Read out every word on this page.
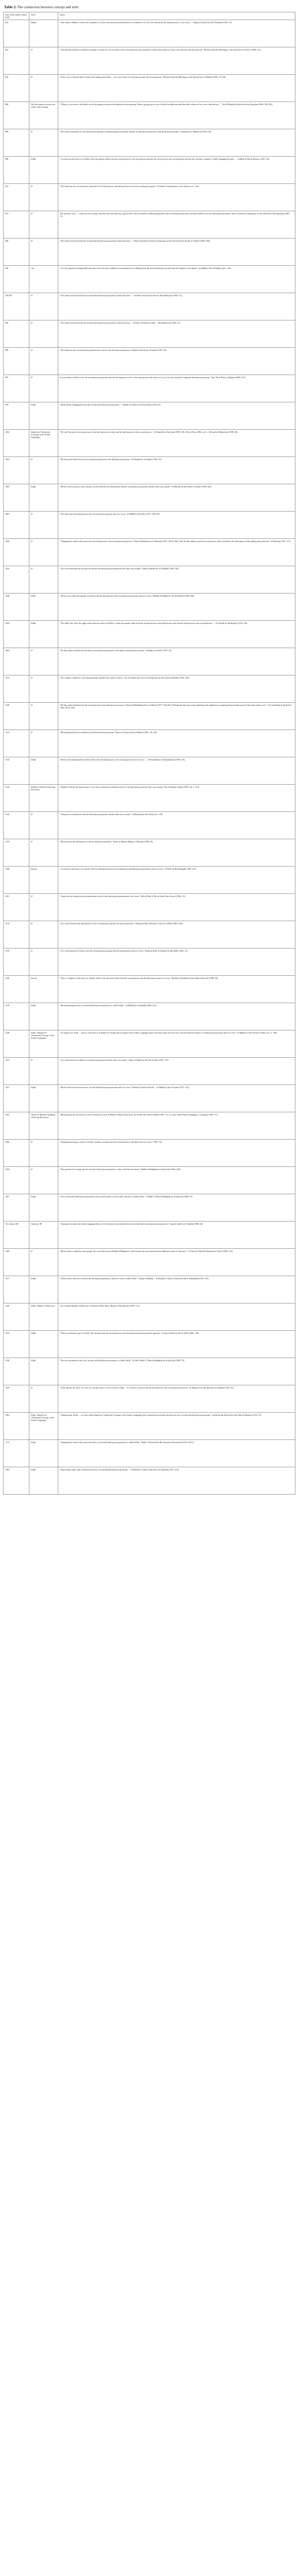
Table 2: The connection between concept and term
Year of the author's death (AD)	Term	Quote
822	Majāz	"One mean of Majāz is when one is spoken to as if he were not present [and] then he is returned to as if he were absent (in the third person), or vice versa. ..." Majāz al-Qur'ān by Abū 'Ubaydah (1954: 27).
822	Ø	"[The Qur'ān introduces] addressees people to whom it is not revealed, in the second person, and sometimes it talks about them as if they were absent in the third person." Ma'ānī al-Qur'ān (Meanings of the Qur'ān) by al-Farrā' (1980: 211).
830	Ø	"In the verse of Qur'ān talks to them after talking about them ... as if one is there for third person after the second person." Ma'ānī al-Qur'ān (Meanings of the Qur'ān) by al-'Akhfash (1990: 17-130).
889	The discrepancy between the author and meaning	"[There] is a section of the books on the discrepancy between the author/text and meaning. When a group says to refer to both the addressee and then talk to him as if he were a third person ..." Ta'wīl Mushkil al-Qur'ān by Ibn Qutaybah (1981: 290-291).
898	Ø	"The Arabs sometimes use the third-person pronoun in addressing present people and the second-person pronoun to talk about absent people." al-Kāmil by al-Mubarrad (1956: 30).
908	Iltifāt	"A section on the book is on 'Iltifāt' when the speaker shifts from the second person to the first person and then the first person to the second person and the like. Another example is 'Iltifāt' changing the topic ..." al-Badī' by Ibn al-Mu'tazz (1967: 58).
923	Ø	"The Arabs use the second person, then shift to the third person, and then go back to use the second person again." al-Ṭabarī's Commentary on the Qur'ān (n.d.: 153).
923	Ø	The Qur'ānic verse "... when you are in ships, and they sail with them by a good wind" (10:22) shifted in addressing people in the second person pronoun and then shifted to use the third person pronoun. Tafsīr al-Qur'ān (Commentary on the Qur'ān) by Ibn Qutaybah (1981: 11).
940	Ø	"The Arabs switch between the second and third person pronouns in their discourse ..." Sharḥ al-Qaṣā'id al-Sab' (Commentary on the Seven Poems) by Ibn al-'Anbārī (1969: 360).
946	'asf	"'asf, they quantize (change/shift) discourse from the direct addressee (second person) to talking about the absent (third person) and from the singular to the plural." al-Ṣaḥāḥ by Ibn al-Naḥḥās, part 1: 46).
330 AH	Ø	"The Arabs switch between the second and third-person pronouns in their discourse ..." al-I'rāb fī al-Qirā'āt al-Sab' by Ibn Khālawayh (1992: 52).
986	Ø	"The Arabs switch between the second and third person pronouns in their discourse ... al-I'rāb fī al-Ṣinā'at al-Sab' ... Ibn Khālawayh (1992: 52).
990	Ø	"The Arabs use the second person pronoun then switch to the third person pronoun." Ma'ānī al-Qur'ān by al-Azharī (1991: 96).
987	Ø	It is possible in Arabic to use the second person pronoun after the third person to refer to the same person (the same as 'to you' via 'one') instead of using the third person pronoun.' Abū 'Alī al-Fārisī, al-Ḥujjah (2000: 315).
994	Iltifāt	"Iltifāt means changing between the second and third person pronouns ..." Maṭlib al-'Ulūm by al-Khwārizmī (1976: 61).
1002	Shajā'at al-'Arabiyyah (Courage of the Arabic Language)	"We call 'Sewing' the second person for the third person in Arabic and the third person for the second person..." al-Khaṣā'iṣ by Ibn Jinnī (1999: 139, 145); al-Fasr (1984, vol. 1: 118) and al-Khāṭirīyyāt (1988: 48).
1002	Ø	"He (the poet) shifted from the second person pronoun to the third person pronoun." al-Wasāṭah by al-Jurjānī (1992: 34).
1005	Iltifāt	"Iltifāt is used in poetry, and it means a switch between the third person and the second person pronouns and the other way around." al-Muwāzī by Ibn Wakī' al-Tinnīsī (1994: 346).
1005	Ø	"The shift from the third person to the second person pronoun, and vice versa." al-Ṣāḥibī by Ibn Fāris (1977: 356-357).
1030	Ø	"Changing the mode of discourse from the third person to the second person pronoun." Sharḥ al-Ḥamāsah by al-Marzūqī (1991: 349 & 256). And "he (the author) used the second person, then switched to the third person when talking about himself." al-Marzūqī (1991: 371).
1035	Ø	"The switch between the first person and the second person pronouns and the other way around." Kashf al-Iqtibāl by al-Tha'ālibī (1983: 349).
1040	Iltifāt	"Iltifāt occurs when the speaker switches from the third person to the second person pronoun and vice versa." Manhāj al-Balāgh by 'Alī ibn Khalaf (1968: 299).
1044	Iltifāt	"The ulūhā 'has' show the eight words when he used first Iltifāt is 'when the speaker shifts from the second person to the third person, and from the third person to the second person ..." al-'Umdah by Ibn Rashīq (1972a: 46).
1064	Ø	"He (the author) shifted from the direct second-person pronoun to the indirect third-person pronoun." al-Ifṣāḥ by al-Ḍiyā' (1957: 35).
1073	Ø	"The change of addresses and using pronouns outside their typical context." Sirr al-Faṣāḥa (the Secret of Eloquence) by Ibn Sinān al-Khafājī (1982: 109).
1109	Ø	"He (the author) shifted from the second person to the third person pronoun." Sharḥ al-Mufaḍḍaliyyāt by al-Tibrīzī (1977: 445-446) "Shifting the discourse from speaking to the addressee to speaking about another person" (the same author, vol. 1: 41) and Sharḥ al-Qaṣā'id al-'Ashr (1974: 245).
1122	Ø	"Moving between the second-person and third-person pronouns." Durrat al-Ghawwāṣ by al-Ḥarīrī (1998: 125-126).
1144	Iltifāt	"Iltifāt is the helpful attention which shifts from the third person to the second person and vice versa ..." al-Kashshāf by al-Zamakhsharī (1998: 118).
1144	Khiṭāb al-Talwīn (Colouring discourse)	"Khiṭāb al-Talwīn has three means: to use the second person and then switch to the third person and the other way around." Ibn al-Shajarī's Amālī (1992, vol. 1: 215).
1144	Ø	"Using the second person, then the third person pronoun, and the other way around." al-Mufaṣṣal by Ibn Ya'īsh (n.d.: 123).
1153	Ø	"Moving from the third person to the second person pronoun." Tafsīr al-Ṭabarsī (Majma' al-Bayān) (1986: 43).
1186	Inṣirāf	"A section of the book is on 'inṣirāf' which is shifting between the second person and third person pronouns and vice versa." al-Badī' by Ibn Munqidh (1987: 287).
1201	Ø	"Arabs use the second person pronoun then switch to the third person pronoun and vice versa." Zād al-Masīr fī 'Ilm al-Tafsīr Ibn al-Jawzī (1964: 14).
1210	Ø	"It is a shift between the third person to the second person and the first-person pronoun." Nihāyat al-Ījāz fī Dirāyat al-I'jāz by al-Rāzī (1985: 205).
1219	Ø	"It is conventional for Arabs to use the second person pronoun then the third person and vice versa." Bayān al-Badi' al-Sāmirāt by Ibn Wahb (1965: 13).
1226	Inṣirāf	"This is a chapter on the book, on 'inṣirāf' which is the discourse shifts from the second person into the third person and vice versa." Ma'ālim al-Kitābah by Ibn Shīth al-Qurashī (1988: 96).
1229	Iltifāt	"Moving among the first, second and third-person pronouns is called 'iltifāt'." al-Miftāḥ by al-Sakkākī (1990: 112).
1239	Iltifāt / Shajā'at al-'Arabiyyah (Courage of the Arabic Language)	"[A chapter] on 'iltifāt ... and it is also known as Shajā'at al-'Arabiyyah (Courage of the Arabic Language) and it has three types: the first one is the shift between third to second person pronouns and vice versa." al-Mathal al-Sā'ir by Ibn al-Athīr (n.d.: 2: 169).
1252	Ø	"It is a shift between a third to second person pronoun and the other way round." Taḥrīr al-Taḥbīr by Ibn Abī al-Iṣba' (1963: 123).
1257	Iltifāt	"Iltifāt is the switch between first, second and third-person pronouns and vice versa." Ma'ānī al-Qur'ān al-Ṣa'īdī ... al-Ṣāḥibī by Ibn al-'Ajamī (1972: 132).
1262	Talwīn al-Khiṭāb (Changing / colouring discourse)	"Moving from the first person to the second person as in al-Bayān fī Ḍarb al-Qur'ān by 'Izz al-Dīn ibn 'Abd al-Salām (1987: 71). 'It is also called Talwīn (changing / colouring)' (1987: 51).
1266	Ø	"Changing and using a variety of modes, namely, moving from the second person to the third, and vice versa" (1987: 56).
1294	Ø	"They get bored of using only the second or third person pronoun, so they shift between them." Miftāḥ al-Balāghah by al-Qazwīnī (1966: 348).
1297	Iltifāt	"First, second and third-person pronouns can be used in place of each other, and this is called 'iltifāt'." al-Īḍāḥ fī 'Ulūm al-Balāghah by al-Qazwīnī (1984: 87).
7th century AH	Tanawwu' ☛	"Among the licenses the Arabic language allows is the freedom of movement between the third and second-person pronouns (a)." Aqṣā al-Qurb by al-Tanūkhī (1988: 44).
1309	Ø	"Iltifāt which is called by some people 'the curved discourse (Khiṭāb al-Munḥarif)', which means the movement between different modes of discourse." al-Ṭirāz by Yaḥyā ibn Ḥamzah al-'Alawī (1982: 131).
1317	Iltifāt	"[This] switch from the second to the third person pronouns, and vice versa is called 'iltifāt'." Bahjat al-Majālis ... al-Burhān fī 'Ulūm al-Qur'ān by Ibn al-Zamlakānī (1964: 122).
1326	Iltifāt / Khiṭāb al-Talawwun	"[It is] called Khiṭāb al-Talawwun" al-Rawḍ al-Murī' Ibn al-Bannā' al-Marrākushī (1985: 113).
1334	Iltifāt	"There are different types of 'iltifāt', like moving from the second person to the third-person pronouns and the opposite." Jawhar al-Kanz by Ibn al-Athīr (1986: 138).
1338	Iltifāt	"The free movement of the first, second, and third-person pronouns, is called 'iltifāt'." al-Ṭibī, Iltifāt fī 'Ulūm al-Balāghah by al-Qazwīnī (1993: 73).
1349	Ø	"In the Qur'ān, the verse 'It is You we worship, and it is You we ask for help ... (1:5) shows a switch from the third person to the second person pronoun." al-Mustawfī by Abū Ḥayyān al-Andalusī (1992: 25).
1364	Iltifāt / Shajā'at al-'Arabiyyah (Courage of the Arabic Language)	"Talking about 'iltifāt' ... it is also called Shajā'at al-'Arabiyyah (Courage of the Arabic Language) and it means the movement between the first, second and third-person pronouns." Qa'īda by Ibn Dāwud ibn Abī-Ṭālib al-Ḥāshimī (1976: 35).
1372	Iltifāt	"Changing the mode of discourse from first, second and third-person pronouns is called 'iltifāt'." Badā'i' al-Fawā'id by Ibn Qayyim al-Jawziyyah (1970: 45-51).
1394	Iltifāt	"Expressing a topic with a shift between first, second and third-person pronouns ..." al-Burhān fī 'Ulūm al-Qur'ān by al-Zarkashī (1957: 314).
